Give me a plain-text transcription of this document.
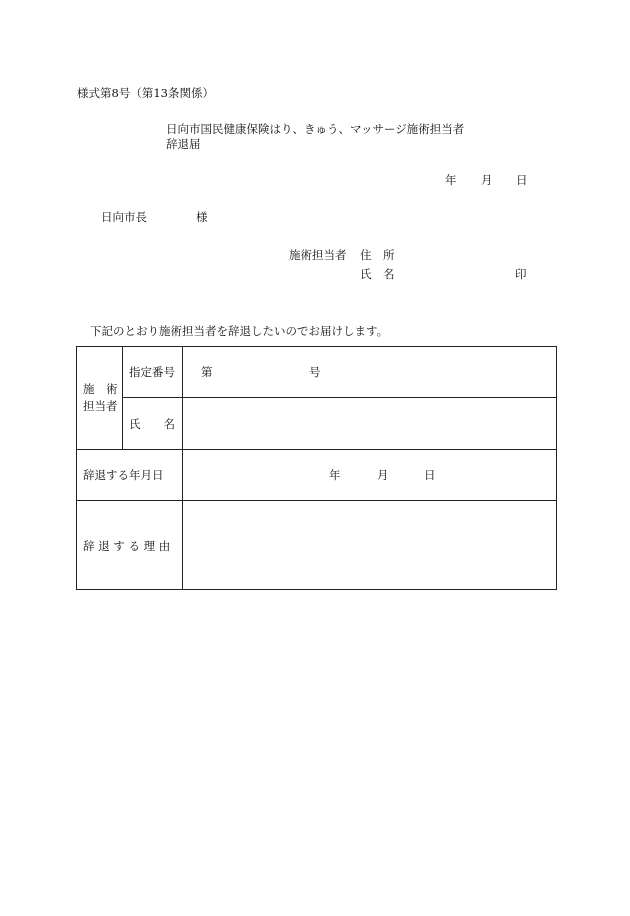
様式第8号（第13条関係）
日向市国民健康保険はり、きゅう、マッサージ施術担当者
辞退届
年 月 日
日向市長	様
施術担当者 住　所
氏　名	印
下記のとおり施術担当者を辞退したいのでお届けします。
施　術
担当者
指定番号 第	号
氏　　名
辞退する年月日	年	月	日
辞 退 す る 理 由
